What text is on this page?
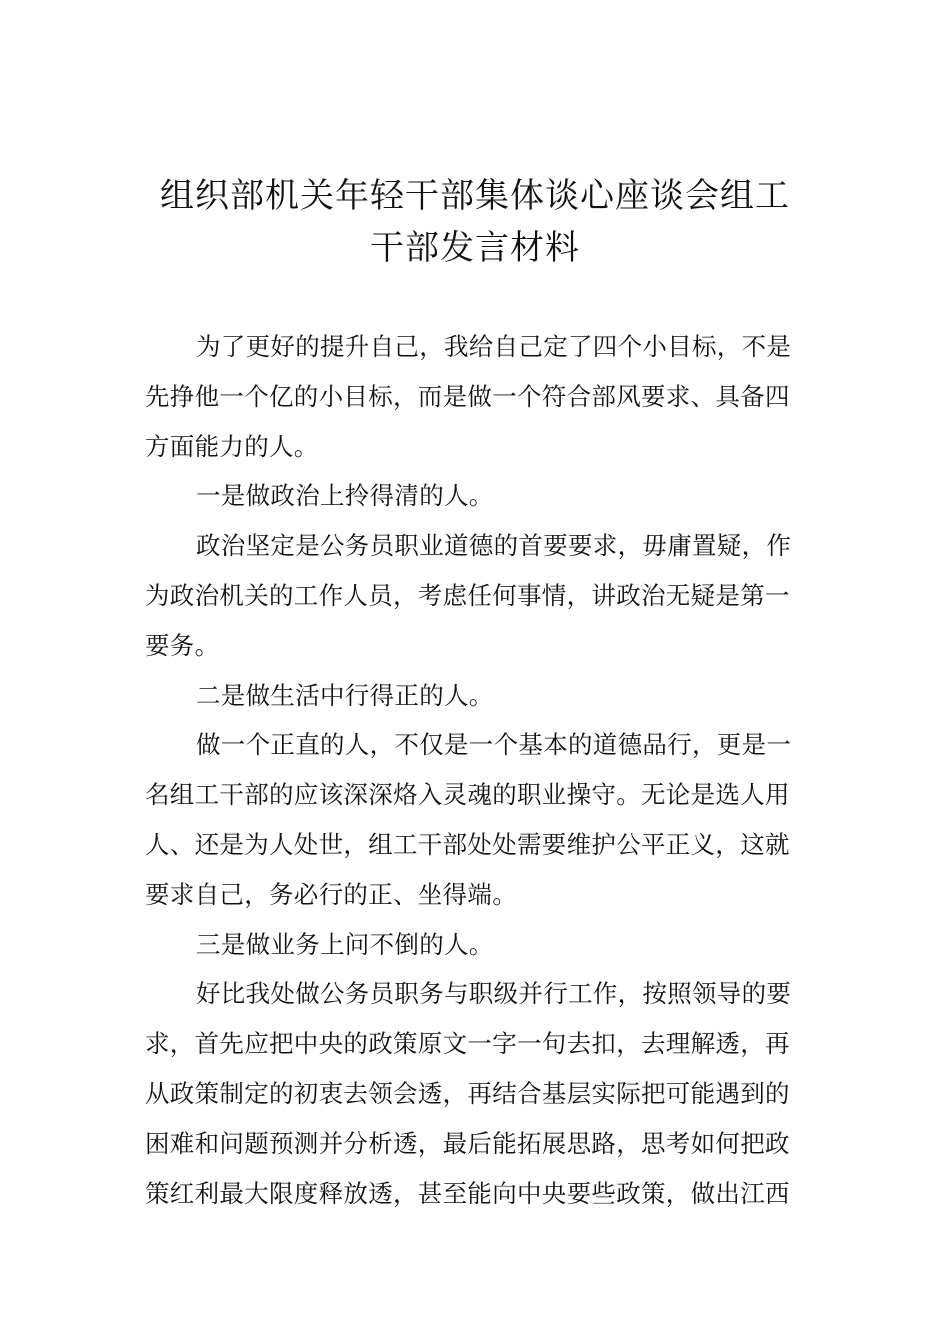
组织部机关年轻干部集体谈心座谈会组工
干部发言材料

为了更好的提升自己，我给自己定了四个小目标，不是
先挣他一个亿的小目标，而是做一个符合部风要求、具备四
方面能力的人。

一是做政治上拎得清的人。

政治坚定是公务员职业道德的首要要求，毋庸置疑，作
为政治机关的工作人员，考虑任何事情，讲政治无疑是第一
要务。

二是做生活中行得正的人。

做一个正直的人，不仅是一个基本的道德品行，更是一
名组工干部的应该深深烙入灵魂的职业操守。无论是选人用
人、还是为人处世，组工干部处处需要维护公平正义，这就
要求自己，务必行的正、坐得端。

三是做业务上问不倒的人。

好比我处做公务员职务与职级并行工作，按照领导的要
求，首先应把中央的政策原文一字一句去扣，去理解透，再
从政策制定的初衷去领会透，再结合基层实际把可能遇到的
困难和问题预测并分析透，最后能拓展思路，思考如何把政
策红利最大限度释放透，甚至能向中央要些政策，做出江西
